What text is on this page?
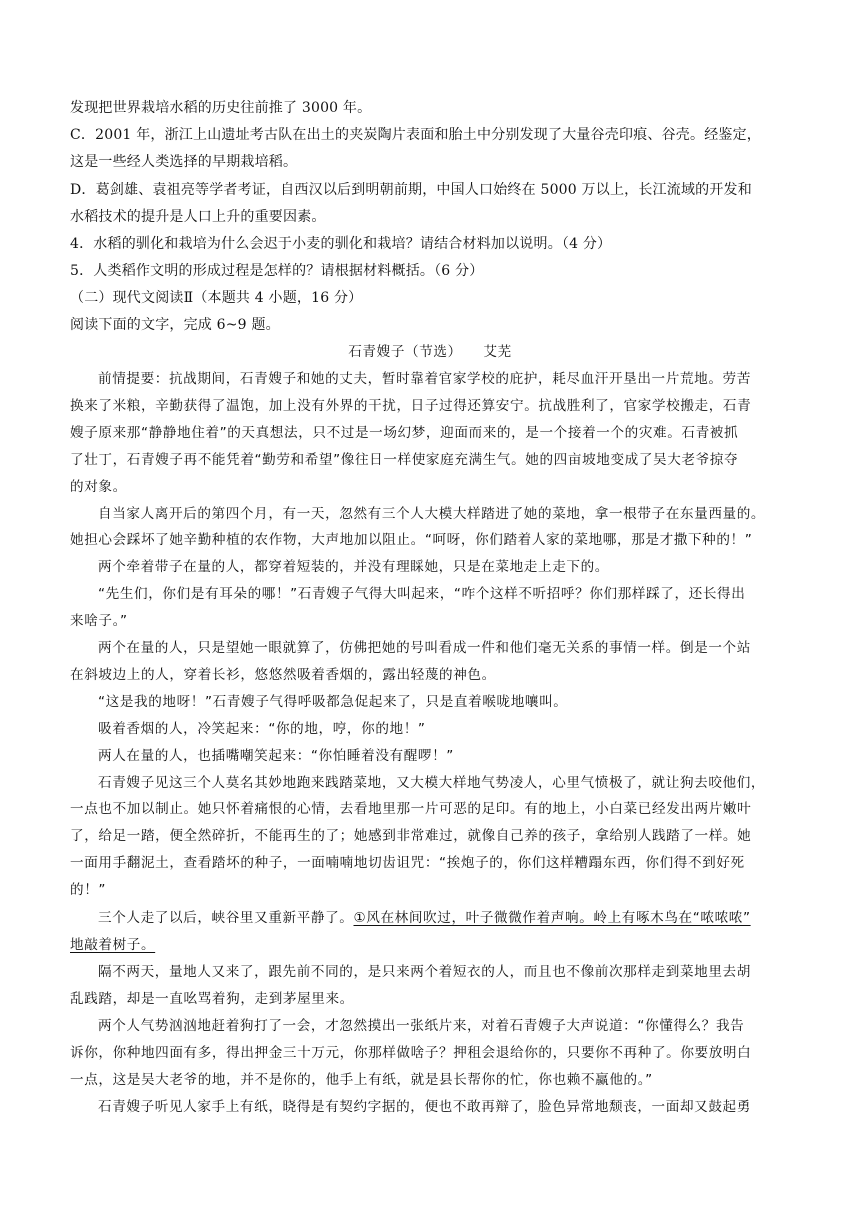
发现把世界栽培水稻的历史往前推了 3000 年。
C．2001 年，浙江上山遗址考古队在出土的夹炭陶片表面和胎土中分别发现了大量谷壳印痕、谷壳。经鉴定，
这是一些经人类选择的早期栽培稻。
D．葛剑雄、袁祖亮等学者考证，自西汉以后到明朝前期，中国人口始终在 5000 万以上，长江流域的开发和
水稻技术的提升是人口上升的重要因素。
4．水稻的驯化和栽培为什么会迟于小麦的驯化和栽培？请结合材料加以说明。（4 分）
5．人类稻作文明的形成过程是怎样的？请根据材料概括。（6 分）
（二）现代文阅读Ⅱ（本题共 4 小题，16 分）
阅读下面的文字，完成 6~9 题。
石青嫂子（节选）　　艾芜
前情提要：抗战期间，石青嫂子和她的丈夫，暂时靠着官家学校的庇护，耗尽血汗开垦出一片荒地。劳苦
换来了米粮，辛勤获得了温饱，加上没有外界的干扰，日子过得还算安宁。抗战胜利了，官家学校搬走，石青
嫂子原来那“静静地住着”的天真想法，只不过是一场幻梦，迎面而来的，是一个接着一个的灾难。石青被抓
了壮丁，石青嫂子再不能凭着“勤劳和希望”像往日一样使家庭充满生气。她的四亩坡地变成了吴大老爷掠夺
的对象。
自当家人离开后的第四个月，有一天，忽然有三个人大模大样踏进了她的菜地，拿一根带子在东量西量的。
她担心会踩坏了她辛勤种植的农作物，大声地加以阻止。“呵呀，你们踏着人家的菜地哪，那是才撒下种的！”
两个牵着带子在量的人，都穿着短装的，并没有理睬她，只是在菜地走上走下的。
“先生们，你们是有耳朵的哪！”石青嫂子气得大叫起来，“咋个这样不听招呼？你们那样踩了，还长得出
来啥子。”
两个在量的人，只是望她一眼就算了，仿佛把她的号叫看成一件和他们毫无关系的事情一样。倒是一个站
在斜坡边上的人，穿着长衫，悠悠然吸着香烟的，露出轻蔑的神色。
“这是我的地呀！”石青嫂子气得呼吸都急促起来了，只是直着喉咙地嚷叫。
吸着香烟的人，冷笑起来：“你的地，哼，你的地！”
两人在量的人，也插嘴嘲笑起来：“你怕睡着没有醒啰！”
石青嫂子见这三个人莫名其妙地跑来践踏菜地，又大模大样地气势凌人，心里气愤极了，就让狗去咬他们，
一点也不加以制止。她只怀着痛恨的心情，去看地里那一片可恶的足印。有的地上，小白菜已经发出两片嫩叶
了，给足一踏，便全然碎折，不能再生的了；她感到非常难过，就像自己养的孩子，拿给别人践踏了一样。她
一面用手翻泥土，查看踏坏的种子，一面喃喃地切齿诅咒：“挨炮子的，你们这样糟蹋东西，你们得不到好死
的！”
三个人走了以后，峡谷里又重新平静了。①风在林间吹过，叶子微微作着声响。岭上有啄木鸟在“哝哝哝”
地敲着树子。
隔不两天，量地人又来了，跟先前不同的，是只来两个着短衣的人，而且也不像前次那样走到菜地里去胡
乱践踏，却是一直吆骂着狗，走到茅屋里来。
两个人气势汹汹地赶着狗打了一会，才忽然摸出一张纸片来，对着石青嫂子大声说道：“你懂得么？我告
诉你，你种地四面有多，得出押金三十万元，你那样做啥子？押租会退给你的，只要你不再种了。你要放明白
一点，这是吴大老爷的地，并不是你的，他手上有纸，就是县长帮你的忙，你也赖不赢他的。”
石青嫂子听见人家手上有纸，晓得是有契约字据的，便也不敢再辩了，脸色异常地颓丧，一面却又鼓起勇
